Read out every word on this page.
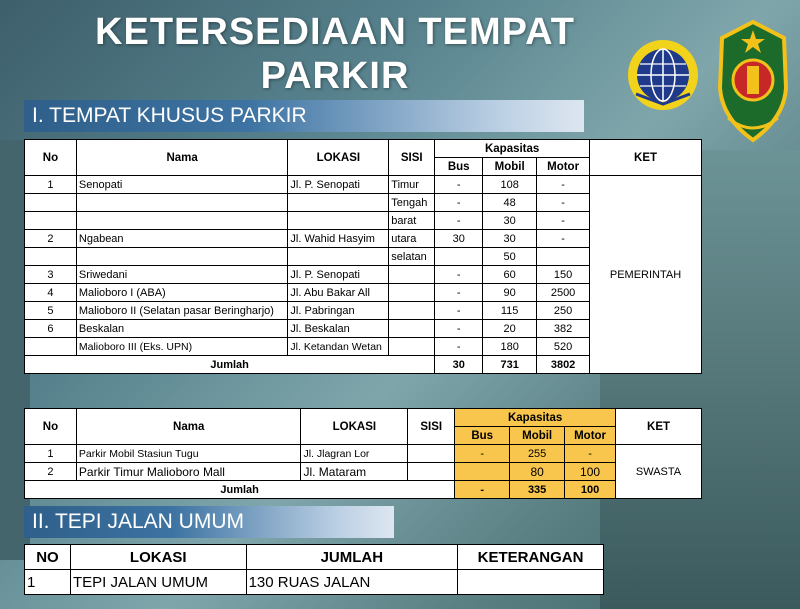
KETERSEDIAAN TEMPAT
PARKIR
I. TEMPAT KHUSUS PARKIR
No	Nama	LOKASI	SISI	Kapasitas			KET
				Bus	Mobil	Motor	
1	Senopati	Jl. P. Senopati	Timur	-	108	-	PEMERINTAH
			Tengah	-	48	-	
			barat	-	30	-	
2	Ngabean	Jl. Wahid Hasyim	utara	30	30	-	
			selatan		50		
3	Sriwedani	Jl. P. Senopati		-	60	150	
4	Malioboro I (ABA)	Jl. Abu Bakar All		-	90	2500	
5	Malioboro II (Selatan pasar Beringharjo)	Jl. Pabringan		-	115	250	
6	Beskalan	Jl. Beskalan		-	20	382	
	Malioboro III (Eks. UPN)	Jl. Ketandan Wetan		-	180	520	
Jumlah				30	731	3802	
No	Nama	LOKASI	SISI	Kapasitas			KET
				Bus	Mobil	Motor	
1	Parkir Mobil Stasiun Tugu	Jl. Jlagran Lor		-	255	-	SWASTA
2	Parkir Timur Malioboro Mall	Jl. Mataram			80	100	
Jumlah				-	335	100	
II. TEPI JALAN UMUM
NO	LOKASI	JUMLAH	KETERANGAN
1	TEPI JALAN UMUM	130 RUAS JALAN	
